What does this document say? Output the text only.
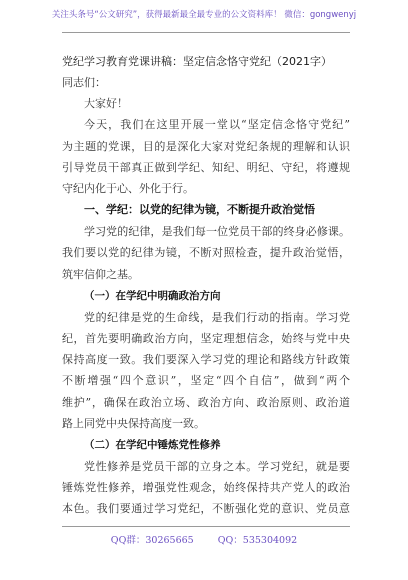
关注头条号“公文研究”，获得最新最全最专业的公文资料库！ 微信：gongwenyj
党纪学习教育党课讲稿：坚定信念恪守党纪（2021字）
同志们：
大家好！
今天，我们在这里开展一堂以“坚定信念恪守党纪”
为主题的党课，目的是深化大家对党纪条规的理解和认识
引导党员干部真正做到学纪、知纪、明纪、守纪，将遵规
守纪内化于心、外化于行。
一、学纪：以党的纪律为镜，不断提升政治觉悟
学习党的纪律，是我们每一位党员干部的终身必修课。
我们要以党的纪律为镜，不断对照检查，提升政治觉悟，
筑牢信仰之基。
（一）在学纪中明确政治方向
党的纪律是党的生命线，是我们行动的指南。学习党
纪，首先要明确政治方向，坚定理想信念，始终与党中央
保持高度一致。我们要深入学习党的理论和路线方针政策
不断增强“四个意识”，坚定“四个自信”，做到“两个
维护”，确保在政治立场、政治方向、政治原则、政治道
路上同党中央保持高度一致。
（二）在学纪中锤炼党性修养
党性修养是党员干部的立身之本。学习党纪，就是要
锤炼党性修养，增强党性观念，始终保持共产党人的政治
本色。我们要通过学习党纪，不断强化党的意识、党员意
QQ群：30265665	QQ：535304092
